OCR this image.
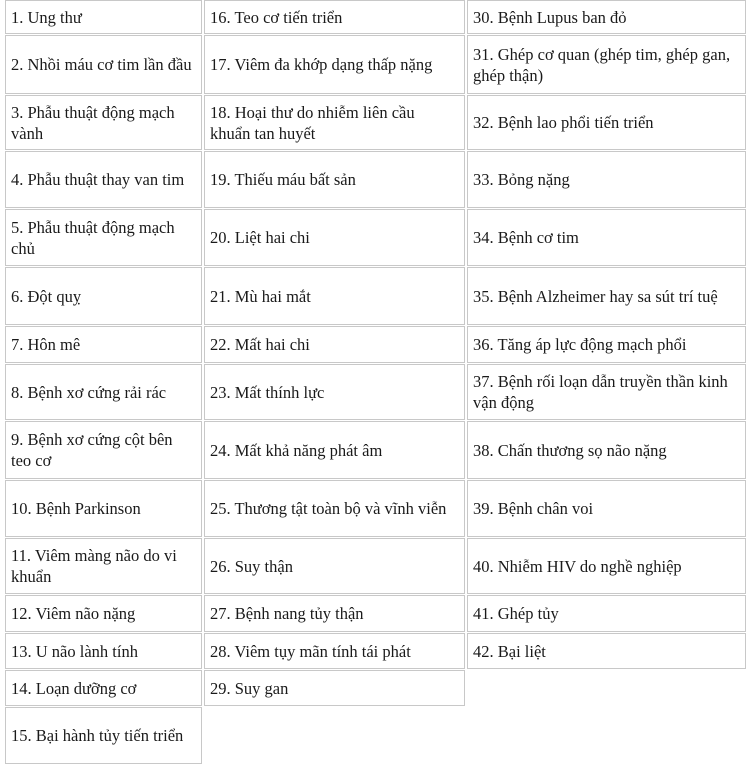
1. Ung thư
2. Nhồi máu cơ tim lần đầu
3. Phẫu thuật động mạch vành
4. Phẫu thuật thay van tim
5. Phẫu thuật động mạch chủ
6. Đột quỵ
7. Hôn mê
8. Bệnh xơ cứng rải rác
9. Bệnh xơ cứng cột bên teo cơ
10. Bệnh Parkinson
11. Viêm màng não do vi khuẩn
12. Viêm não nặng
13. U não lành tính
14. Loạn dưỡng cơ
15. Bại hành tủy tiến triển
16. Teo cơ tiến triển
17. Viêm đa khớp dạng thấp nặng
18. Hoại thư do nhiễm liên cầu khuẩn tan huyết
19. Thiếu máu bất sản
20. Liệt hai chi
21. Mù hai mắt
22. Mất hai chi
23. Mất thính lực
24. Mất khả năng phát âm
25. Thương tật toàn bộ và vĩnh viễn
26. Suy thận
27. Bệnh nang tủy thận
28. Viêm tụy mãn tính tái phát
29. Suy gan
30. Bệnh Lupus ban đỏ
31. Ghép cơ quan (ghép tim, ghép gan, ghép thận)
32. Bệnh lao phổi tiến triển
33. Bỏng nặng
34. Bệnh cơ tim
35. Bệnh Alzheimer hay sa sút trí tuệ
36. Tăng áp lực động mạch phổi
37. Bệnh rối loạn dẫn truyền thần kinh vận động
38. Chấn thương sọ não nặng
39. Bệnh chân voi
40. Nhiễm HIV do nghề nghiệp
41. Ghép tủy
42. Bại liệt
